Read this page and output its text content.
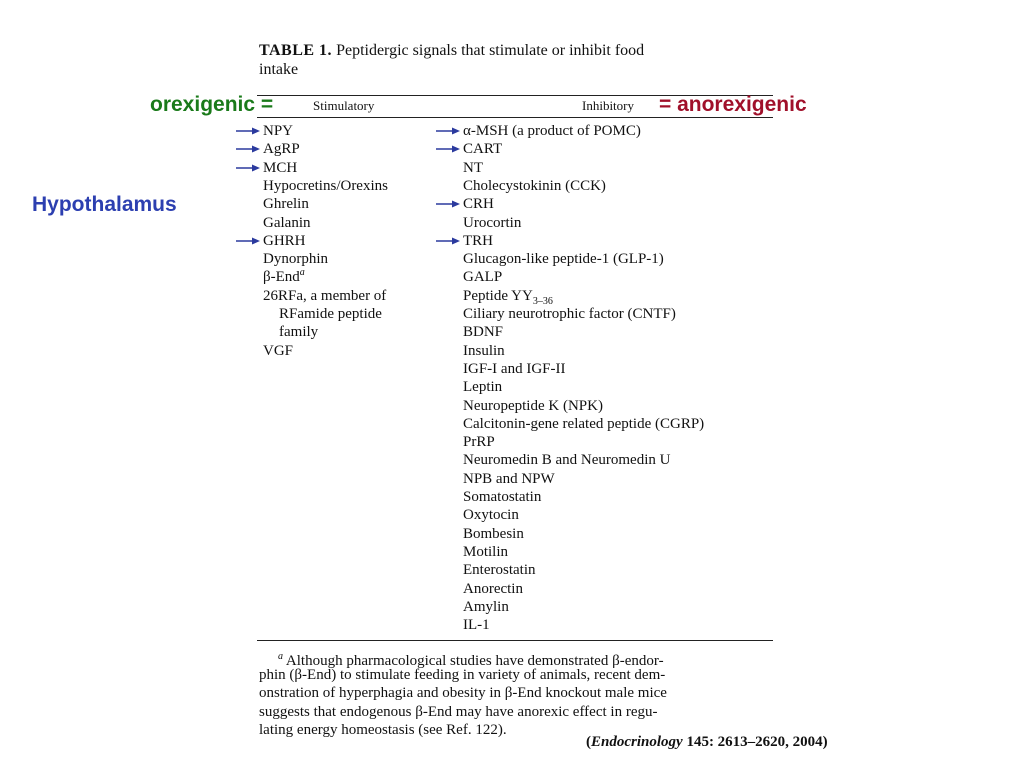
TABLE 1. Peptidergic signals that stimulate or inhibit food
intake
orexigenic =	= anorexigenic
Hypothalamus
Stimulatory	Inhibitory
NPY
AgRP
MCH
Hypocretins/Orexins
Ghrelin
Galanin
GHRH
Dynorphin
β-End$^a$
26RFa, a member of
RFamide peptide
family
VGF
α-MSH (a product of POMC)
CART
NT
Cholecystokinin (CCK)
CRH
Urocortin
TRH
Glucagon-like peptide-1 (GLP-1)
GALP
Peptide $YY_{3-36}$
Ciliary neurotrophic factor (CNTF)
BDNF
Insulin
IGF-I and IGF-II
Leptin
Neuropeptide K (NPK)
Calcitonin-gene related peptide (CGRP)
PrRP
Neuromedin B and Neuromedin U
NPB and NPW
Somatostatin
Oxytocin
Bombesin
Motilin
Enterostatin
Anorectin
Amylin
IL-1
$^a$ Although pharmacological studies have demonstrated β-endor-
phin (β-End) to stimulate feeding in variety of animals, recent dem-
onstration of hyperphagia and obesity in β-End knockout male mice
suggests that endogenous β-End may have anorexic effect in regu-
lating energy homeostasis (see Ref. 122).
(Endocrinology 145: 2613–2620, 2004)
